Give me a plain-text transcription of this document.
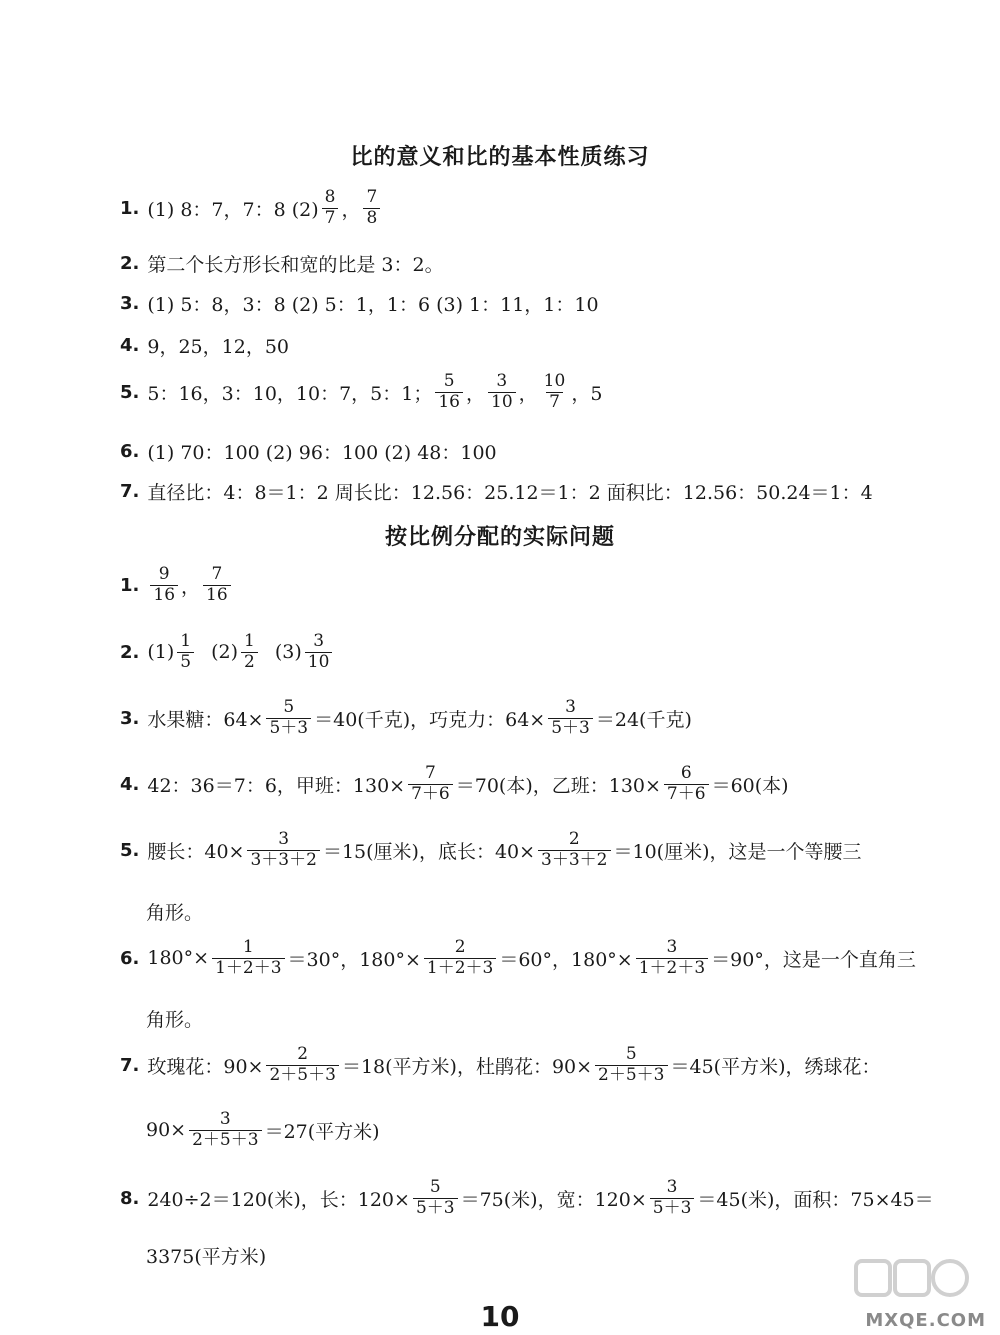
比的意义和比的基本性质练习
1. (1) 8：7，7：8 $(2) \frac{8}{7}$ ， $\frac{7}{8}$
2. 第二个长方形长和宽的比是 3：2。
3. (1) 5：8，3：8 (2) 5：1，1：6 (3) 1：11，1：10
4. 9，25，12，50
5. 5：16，3：10，10：7，5：1； $\frac{5}{16}$ ， $\frac{3}{10}$ ， $\frac{10}{7}$ ，5
6. (1) 70：100 (2) 96：100 (2) 48：100
7. 直径比：4：8＝1：2 周长比：12.56：25.12＝1：2 面积比：12.56：50.24＝1：4
按比例分配的实际问题
1. $\frac{9}{16}$ ， $\frac{7}{16}$
2. $(1) \frac{1}{5} (2) \frac{1}{2} (3) \frac{3}{10}$
3. 水果糖：$64\times \frac{5}{5+3} =40$(千克)，巧克力：$64\times \frac{3}{5+3} =24$(千克)
4. 42：36＝7：6，甲班：$130\times \frac{7}{7+6} =70$(本)，乙班：$130\times \frac{6}{7+6} =60$(本)
5. 腰长：$40\times \frac{3}{3+3+2} =15$(厘米)，底长：$40\times \frac{2}{3+3+2} =10$(厘米)，这是一个等腰三
角形。
6. $180^\circ\times \frac{1}{1+2+3} =30^\circ$，$180^\circ\times \frac{2}{1+2+3} =60^\circ$，$180^\circ\times \frac{3}{1+2+3} =90^\circ$，这是一个直角三
角形。
7. 玫瑰花：$90\times \frac{2}{2+5+3} =18$(平方米)，杜鹃花：$90\times \frac{5}{2+5+3} =45$(平方米)，绣球花：
$90\times \frac{3}{2+5+3} =27$(平方米)
8. 240÷2＝120(米)，长：$120\times \frac{5}{5+3} =75$(米)，宽：$120\times \frac{3}{5+3} =45$(米)，面积：75×45＝
3375(平方米)
MXQE.COM
10
